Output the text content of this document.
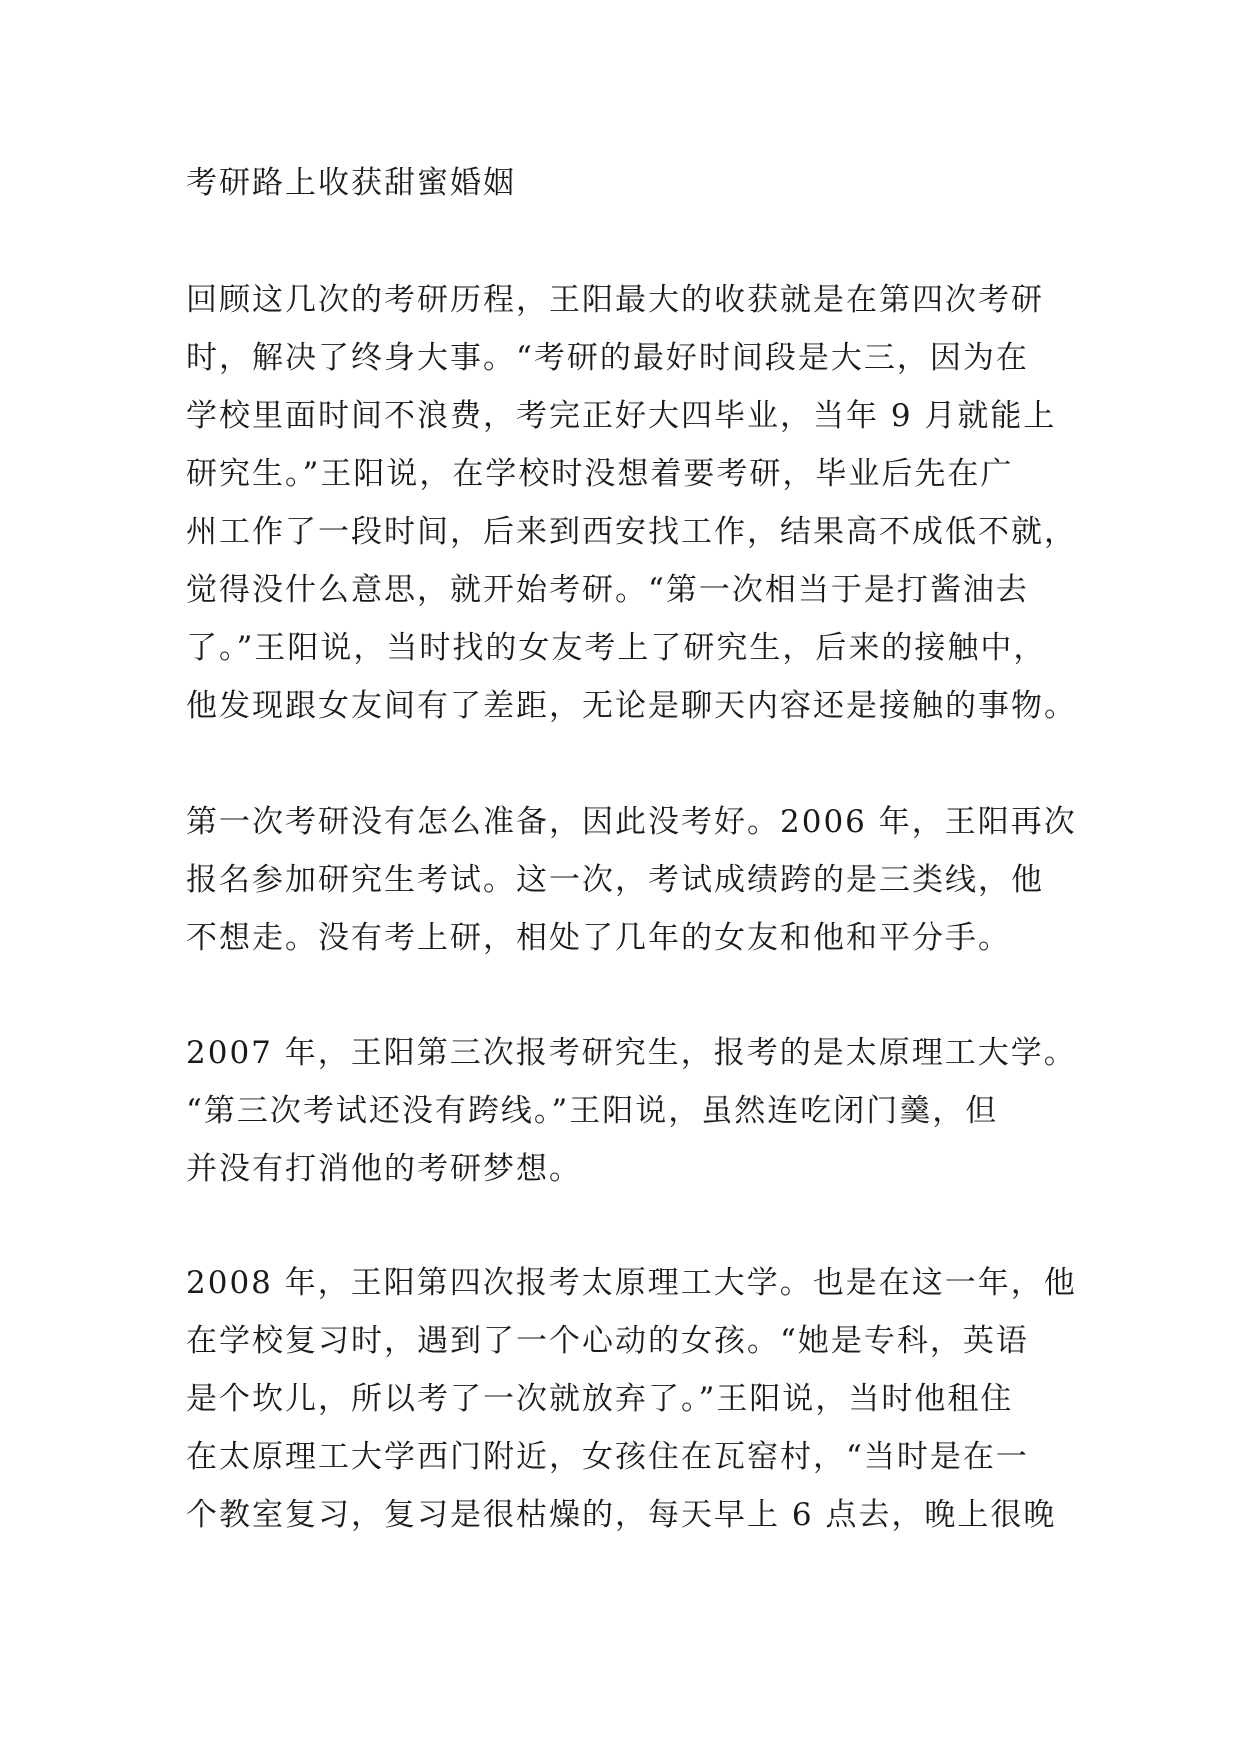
考研路上收获甜蜜婚姻
回顾这几次的考研历程，王阳最大的收获就是在第四次考研
时，解决了终身大事。“考研的最好时间段是大三，因为在
学校里面时间不浪费，考完正好大四毕业，当年 9 月就能上
研究生。”王阳说，在学校时没想着要考研，毕业后先在广
州工作了一段时间，后来到西安找工作，结果高不成低不就，
觉得没什么意思，就开始考研。“第一次相当于是打酱油去
了。”王阳说，当时找的女友考上了研究生，后来的接触中，
他发现跟女友间有了差距，无论是聊天内容还是接触的事物。
第一次考研没有怎么准备，因此没考好。2006 年，王阳再次
报名参加研究生考试。这一次，考试成绩跨的是三类线，他
不想走。没有考上研，相处了几年的女友和他和平分手。
2007 年，王阳第三次报考研究生，报考的是太原理工大学。
“第三次考试还没有跨线。”王阳说，虽然连吃闭门羹，但
并没有打消他的考研梦想。
2008 年，王阳第四次报考太原理工大学。也是在这一年，他
在学校复习时，遇到了一个心动的女孩。“她是专科，英语
是个坎儿，所以考了一次就放弃了。”王阳说，当时他租住
在太原理工大学西门附近，女孩住在瓦窑村，“当时是在一
个教室复习，复习是很枯燥的，每天早上 6 点去，晚上很晚
